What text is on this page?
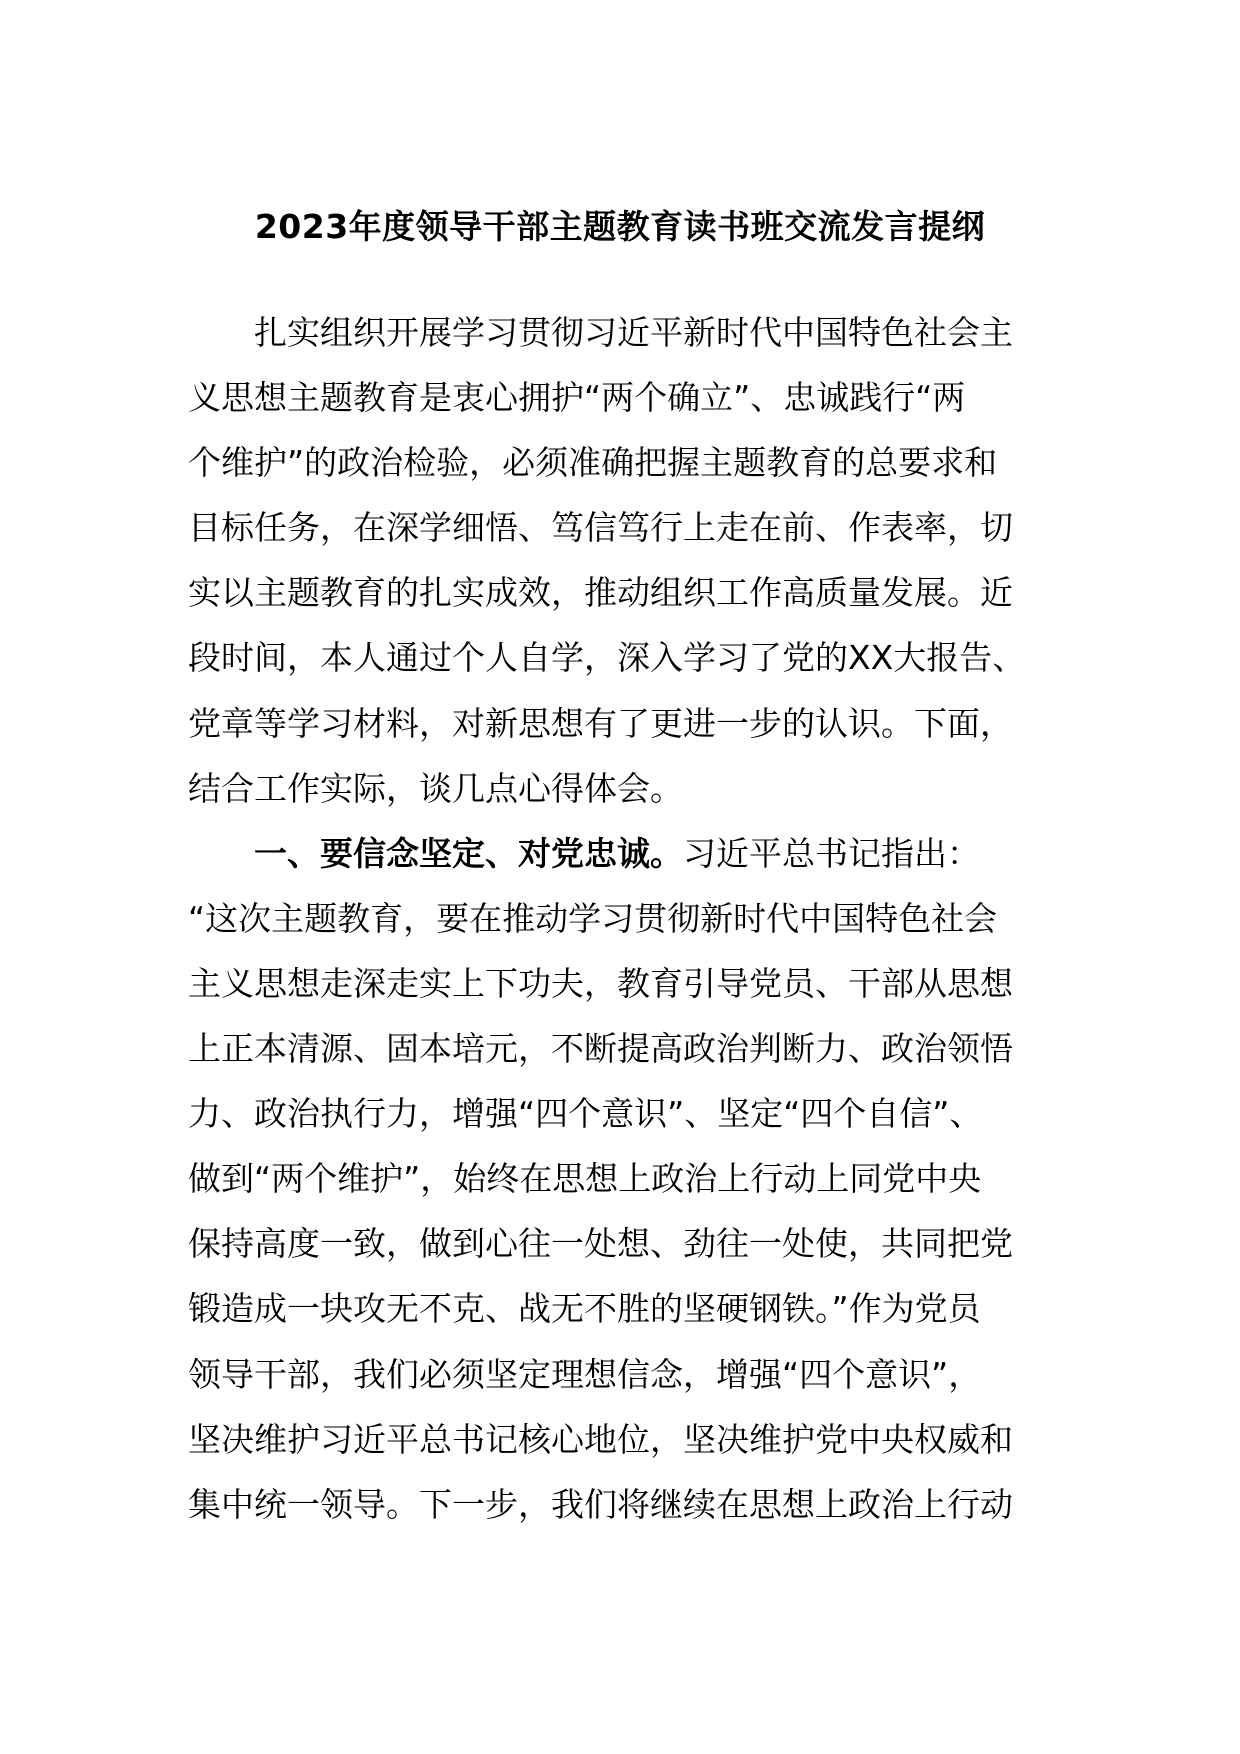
2023年度领导干部主题教育读书班交流发言提纲
扎实组织开展学习贯彻习近平新时代中国特色社会主
义思想主题教育是衷心拥护“两个确立”、忠诚践行“两
个维护”的政治检验，必须准确把握主题教育的总要求和
目标任务，在深学细悟、笃信笃行上走在前、作表率，切
实以主题教育的扎实成效，推动组织工作高质量发展。近
段时间，本人通过个人自学，深入学习了党的XX大报告、
党章等学习材料，对新思想有了更进一步的认识。下面，
结合工作实际，谈几点心得体会。
一、要信念坚定、对党忠诚。习近平总书记指出：
“这次主题教育，要在推动学习贯彻新时代中国特色社会
主义思想走深走实上下功夫，教育引导党员、干部从思想
上正本清源、固本培元，不断提高政治判断力、政治领悟
力、政治执行力，增强“四个意识”、坚定“四个自信”、
做到“两个维护”，始终在思想上政治上行动上同党中央
保持高度一致，做到心往一处想、劲往一处使，共同把党
锻造成一块攻无不克、战无不胜的坚硬钢铁。”作为党员
领导干部，我们必须坚定理想信念，增强“四个意识”，
坚决维护习近平总书记核心地位，坚决维护党中央权威和
集中统一领导。下一步，我们将继续在思想上政治上行动
